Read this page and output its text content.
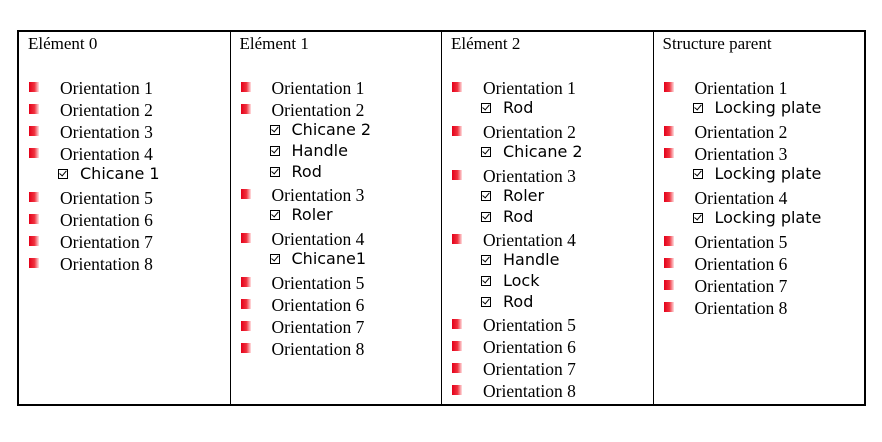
Elément 0
Orientation 1
Orientation 2
Orientation 3
Orientation 4
Chicane 1
Orientation 5
Orientation 6
Orientation 7
Orientation 8
Elément 1
Orientation 1
Orientation 2
Chicane 2
Handle
Rod
Orientation 3
Roler
Orientation 4
Chicane1
Orientation 5
Orientation 6
Orientation 7
Orientation 8
Elément 2
Orientation 1
Rod
Orientation 2
Chicane 2
Orientation 3
Roler
Rod
Orientation 4
Handle
Lock
Rod
Orientation 5
Orientation 6
Orientation 7
Orientation 8
Structure parent
Orientation 1
Locking plate
Orientation 2
Orientation 3
Locking plate
Orientation 4
Locking plate
Orientation 5
Orientation 6
Orientation 7
Orientation 8
